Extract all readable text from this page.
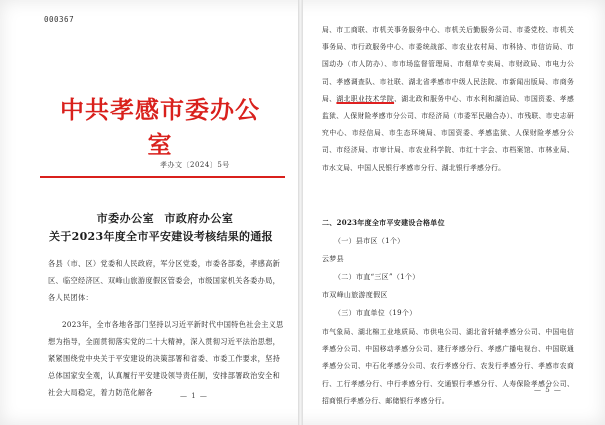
000367
中共孝感市委办公室
孝办文〔2024〕5号
市委办公室 市政府办公室
关于2023年度全市平安建设考核结果的通报
各县（市、区）党委和人民政府，军分区党委，市委各部委，孝感高新区、临空经济区、双峰山旅游度假区管委会，市级国家机关各委办局，各人民团体：
2023年，全市各地各部门坚持以习近平新时代中国特色社会主义思想为指导，全面贯彻落实党的二十大精神，深入贯彻习近平法治思想，紧紧围绕党中央关于平安建设的决策部署和省委、市委工作要求，坚持总体国家安全观，认真履行平安建设领导责任制，安排部署政治安全和社会大局稳定，着力防范化解各	— 1 —
局、市工商联、市机关事务服务中心、市机关后勤服务公司、市委党校、市机关事务局、市行政服务中心、市委统战部、市农业农村局、市科协、市信访局、市国动办（市人防办）、市市场监督管理局、市烟草专卖局、市财政局、市电力公司、孝感调查队、市社联、湖北省孝感市中级人民法院、市新闻出版局、市商务局、湖北职业技术学院、湖北政和服务中心、市水利和湖泊局、市国资委、孝感监狱、人保财险孝感市分公司、市经济局（市委军民融合办）、市残联、市史志研究中心、市经信局、市生态环境局、市国资委、孝感监狱、人保财险孝感分公司、市经济局、市审计局、市农业科学院、市红十字会、市档案馆、市林业局、市水文局、中国人民银行孝感市分行、湖北银行孝感分行。
二、2023年度全市平安建设合格单位
（一）县市区（1个）
云梦县
（二）市直“三区”（1个）
市双峰山旅游度假区
（三）市直单位（19个）
市气象局、湖北棉工业地质局、市供电公司、湖北省轩辕孝感分公司、中国电信孝感分公司、中国移动孝感分公司、建行孝感分行、孝感广播电视台、中国联通孝感分公司、中石化孝感分公司、农行孝感分行、农发行孝感分行、孝感市农商行、工行孝感分行、中行孝感分行、交通银行孝感分行、人寿保险孝感分公司、招商银行孝感分行、邮储银行孝感分行。
— 5 —
